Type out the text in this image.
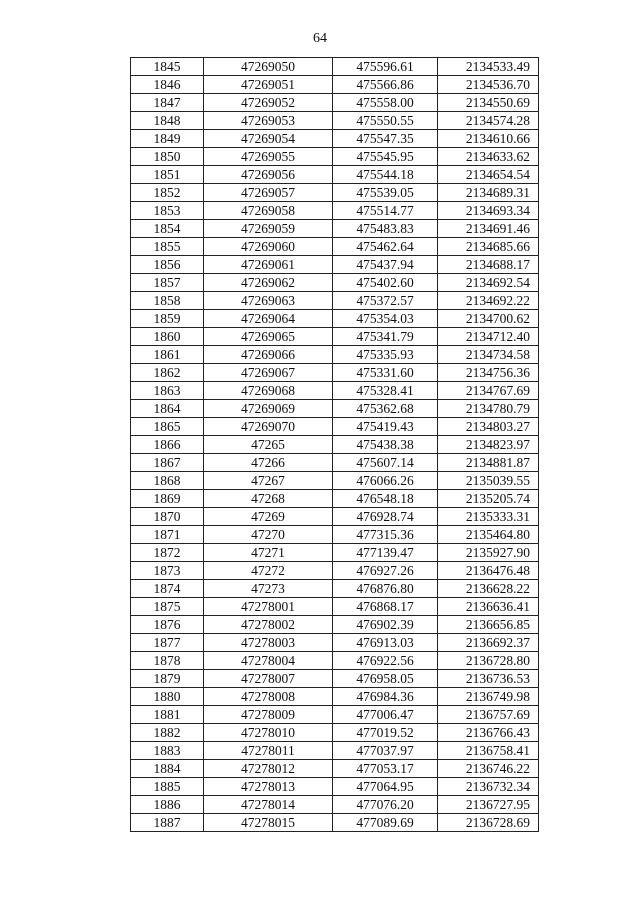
64
1845	47269050	475596.61	2134533.49
1846	47269051	475566.86	2134536.70
1847	47269052	475558.00	2134550.69
1848	47269053	475550.55	2134574.28
1849	47269054	475547.35	2134610.66
1850	47269055	475545.95	2134633.62
1851	47269056	475544.18	2134654.54
1852	47269057	475539.05	2134689.31
1853	47269058	475514.77	2134693.34
1854	47269059	475483.83	2134691.46
1855	47269060	475462.64	2134685.66
1856	47269061	475437.94	2134688.17
1857	47269062	475402.60	2134692.54
1858	47269063	475372.57	2134692.22
1859	47269064	475354.03	2134700.62
1860	47269065	475341.79	2134712.40
1861	47269066	475335.93	2134734.58
1862	47269067	475331.60	2134756.36
1863	47269068	475328.41	2134767.69
1864	47269069	475362.68	2134780.79
1865	47269070	475419.43	2134803.27
1866	47265	475438.38	2134823.97
1867	47266	475607.14	2134881.87
1868	47267	476066.26	2135039.55
1869	47268	476548.18	2135205.74
1870	47269	476928.74	2135333.31
1871	47270	477315.36	2135464.80
1872	47271	477139.47	2135927.90
1873	47272	476927.26	2136476.48
1874	47273	476876.80	2136628.22
1875	47278001	476868.17	2136636.41
1876	47278002	476902.39	2136656.85
1877	47278003	476913.03	2136692.37
1878	47278004	476922.56	2136728.80
1879	47278007	476958.05	2136736.53
1880	47278008	476984.36	2136749.98
1881	47278009	477006.47	2136757.69
1882	47278010	477019.52	2136766.43
1883	47278011	477037.97	2136758.41
1884	47278012	477053.17	2136746.22
1885	47278013	477064.95	2136732.34
1886	47278014	477076.20	2136727.95
1887	47278015	477089.69	2136728.69
